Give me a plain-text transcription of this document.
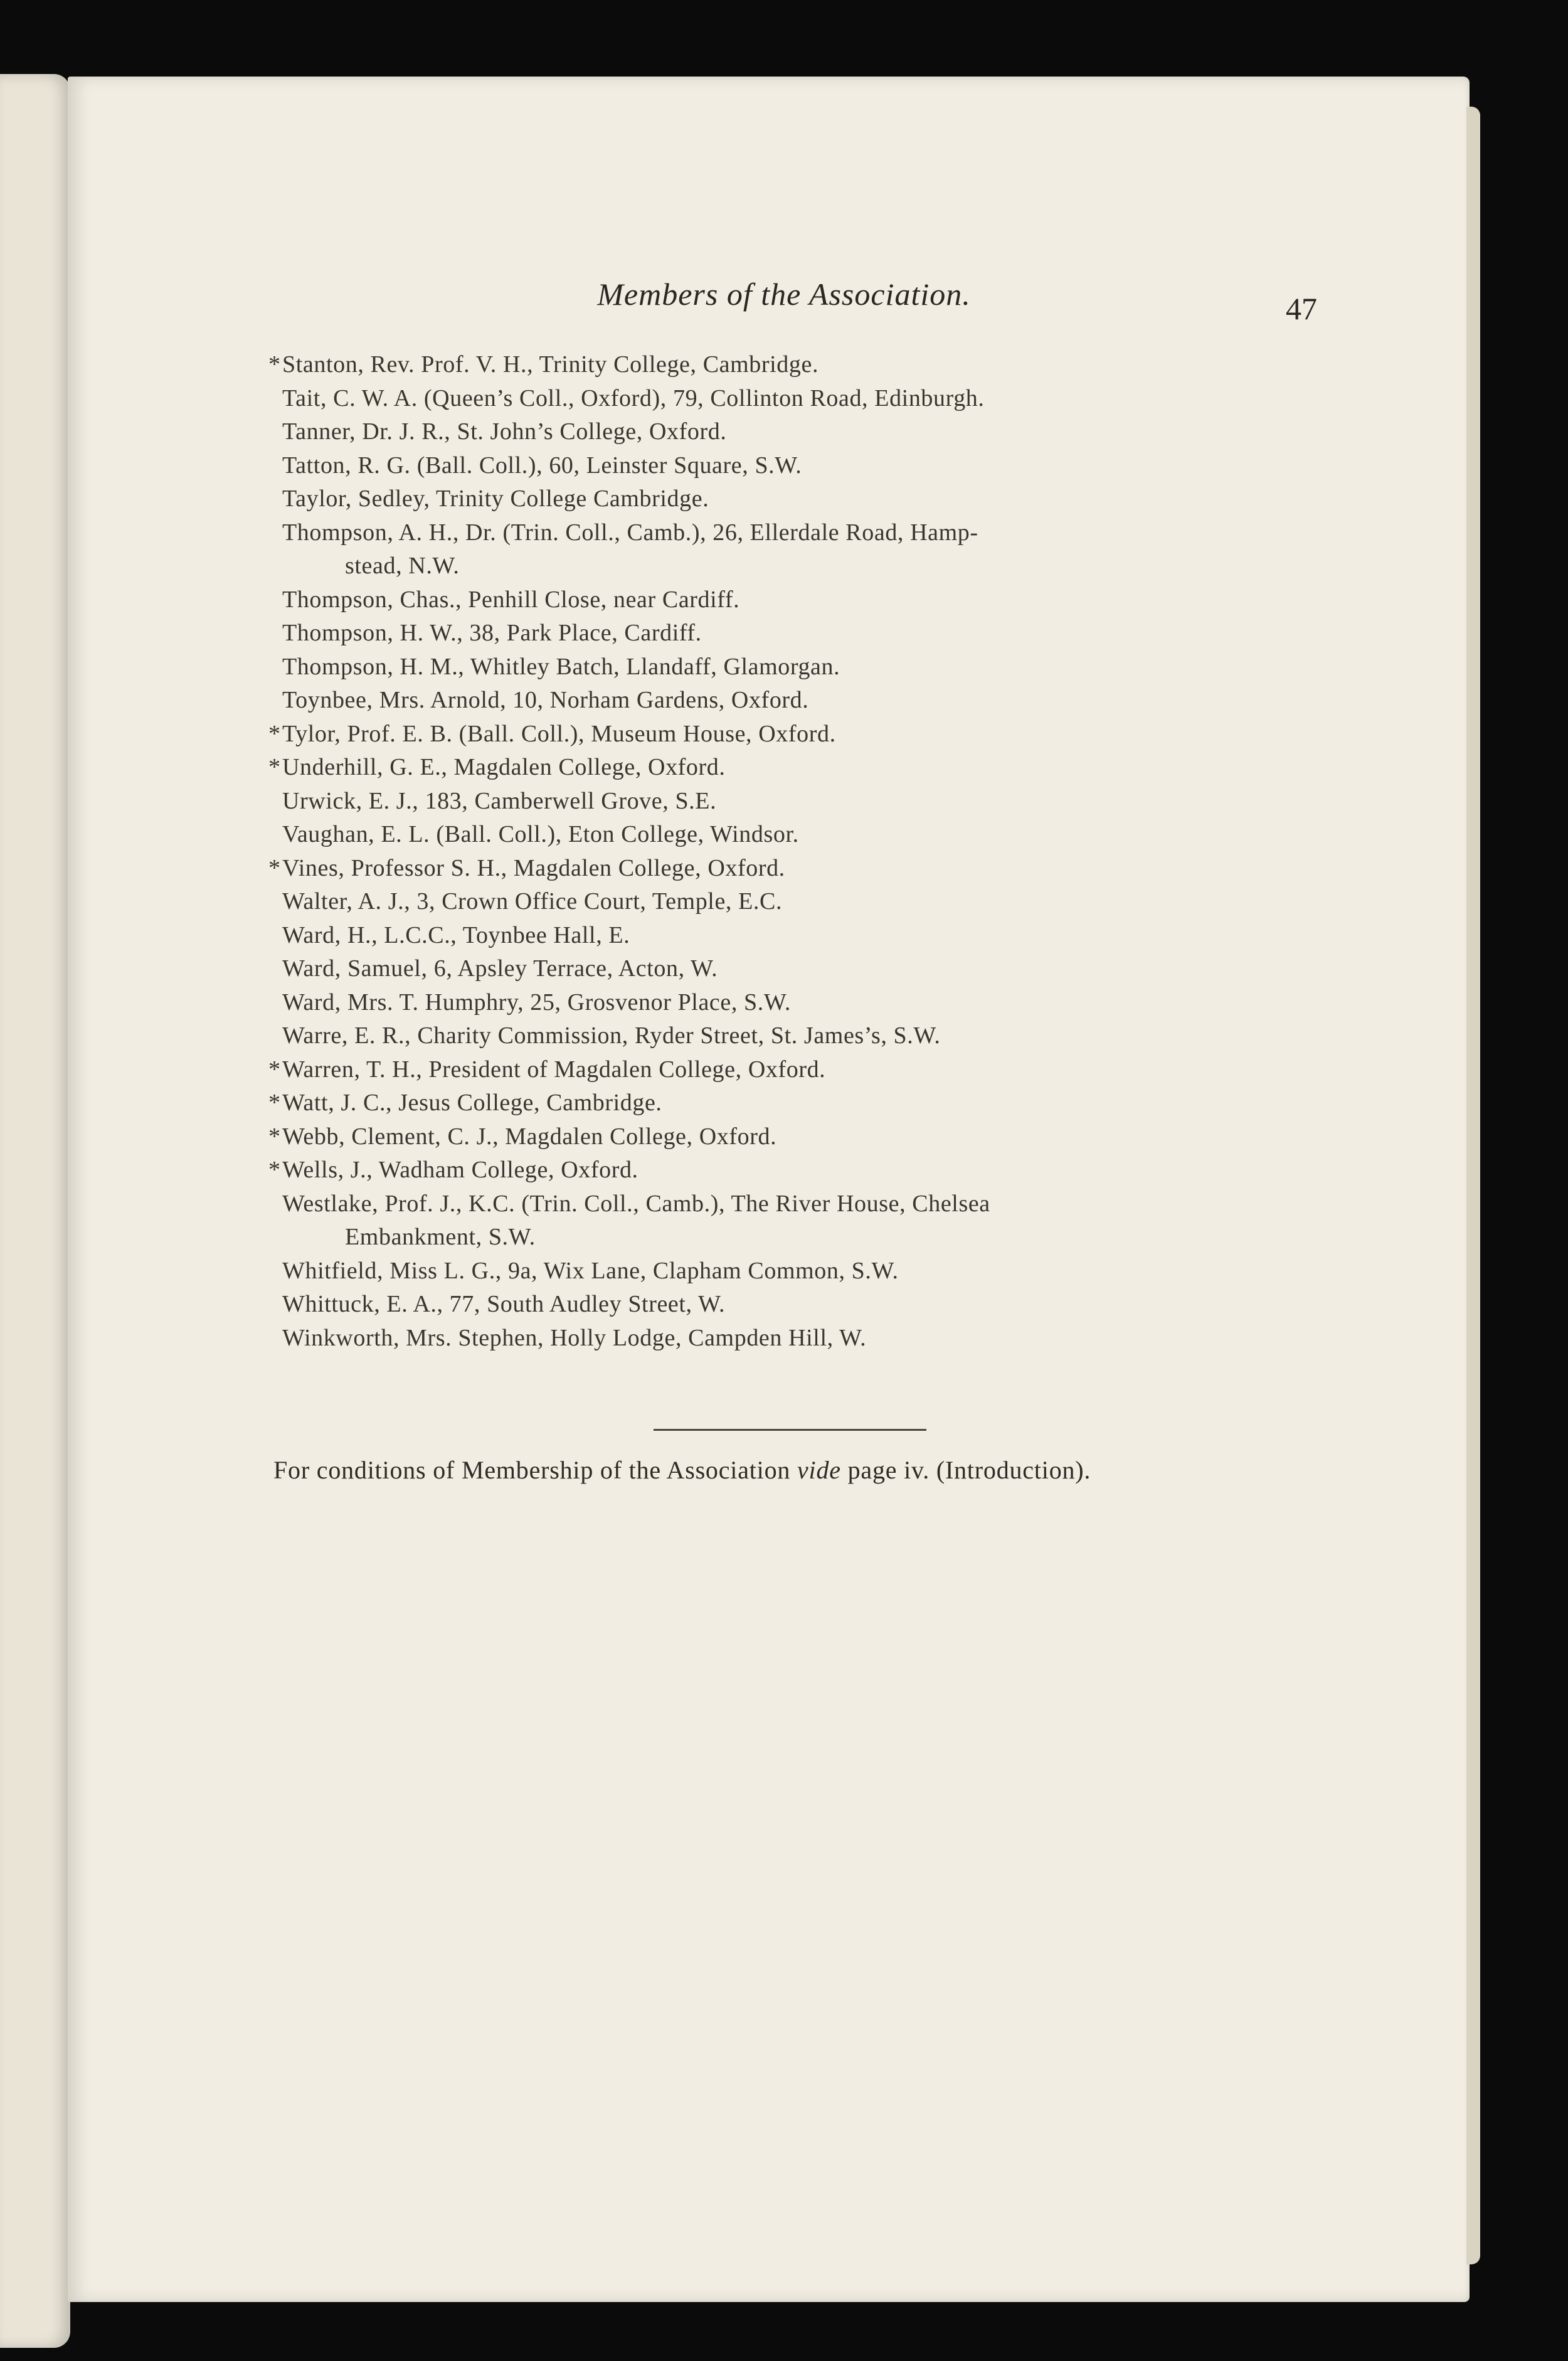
Members of the Association.	47
* Stanton, Rev. Prof. V. H., Trinity College, Cambridge.
Tait, C. W. A. (Queen’s Coll., Oxford), 79, Collinton Road, Edinburgh.
Tanner, Dr. J. R., St. John’s College, Oxford.
Tatton, R. G. (Ball. Coll.), 60, Leinster Square, S.W.
Taylor, Sedley, Trinity College Cambridge.
Thompson, A. H., Dr. (Trin. Coll., Camb.), 26, Ellerdale Road, Hamp-
stead, N.W.
Thompson, Chas., Penhill Close, near Cardiff.
Thompson, H. W., 38, Park Place, Cardiff.
Thompson, H. M., Whitley Batch, Llandaff, Glamorgan.
Toynbee, Mrs. Arnold, 10, Norham Gardens, Oxford.
* Tylor, Prof. E. B. (Ball. Coll.), Museum House, Oxford.
* Underhill, G. E., Magdalen College, Oxford.
Urwick, E. J., 183, Camberwell Grove, S.E.
Vaughan, E. L. (Ball. Coll.), Eton College, Windsor.
* Vines, Professor S. H., Magdalen College, Oxford.
Walter, A. J., 3, Crown Office Court, Temple, E.C.
Ward, H., L.C.C., Toynbee Hall, E.
Ward, Samuel, 6, Apsley Terrace, Acton, W.
Ward, Mrs. T. Humphry, 25, Grosvenor Place, S.W.
Warre, E. R., Charity Commission, Ryder Street, St. James’s, S.W.
* Warren, T. H., President of Magdalen College, Oxford.
* Watt, J. C., Jesus College, Cambridge.
* Webb, Clement, C. J., Magdalen College, Oxford.
* Wells, J., Wadham College, Oxford.
Westlake, Prof. J., K.C. (Trin. Coll., Camb.), The River House, Chelsea
Embankment, S.W.
Whitfield, Miss L. G., 9a, Wix Lane, Clapham Common, S.W.
Whittuck, E. A., 77, South Audley Street, W.
Winkworth, Mrs. Stephen, Holly Lodge, Campden Hill, W.
For conditions of Membership of the Association vide page iv. (Introduction).
